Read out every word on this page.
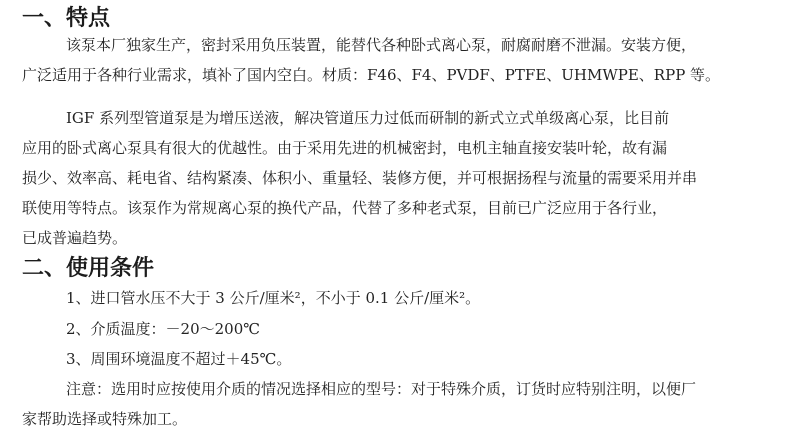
一、特点
该泵本厂独家生产，密封采用负压装置，能替代各种卧式离心泵，耐腐耐磨不泄漏。安装方便，
广泛适用于各种行业需求，填补了国内空白。材质：F46、F4、PVDF、PTFE、UHMWPE、RPP 等。
IGF 系列型管道泵是为增压送液，解决管道压力过低而研制的新式立式单级离心泵，比目前
应用的卧式离心泵具有很大的优越性。由于采用先进的机械密封，电机主轴直接安装叶轮，故有漏
损少、效率高、耗电省、结构紧凑、体积小、重量轻、装修方便，并可根据扬程与流量的需要采用并串
联使用等特点。该泵作为常规离心泵的换代产品，代替了多种老式泵，目前已广泛应用于各行业，
已成普遍趋势。
二、使用条件

1、进口管水压不大于 3 公斤/厘米²，不小于 0.1 公斤/厘米²。

2、介质温度：－20～200℃

3、周围环境温度不超过＋45℃。

注意：选用时应按使用介质的情况选择相应的型号：对于特殊介质，订货时应特别注明，以便厂
家帮助选择或特殊加工。
